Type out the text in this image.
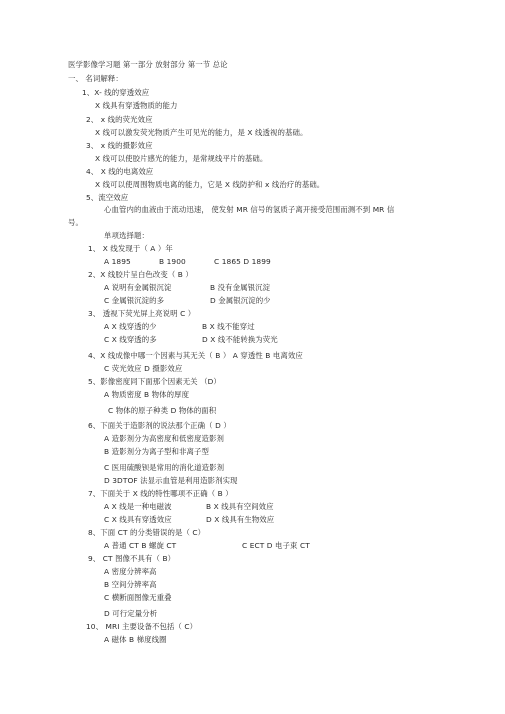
医学影像学习题 第一部分 放射部分 第一节 总论
一、 名词解释：
1、X- 线的穿透效应
X 线具有穿透物质的能力
2、 x 线的荧光效应
X 线可以激发荧光物质产生可见光的能力，是 X 线透视的基础。
3、 x 线的摄影效应
X 线可以使胶片感光的能力，是常规线平片的基础。
4、 X 线的电离效应
X 线可以使周围物质电离的能力，它是 X 线防护和 x 线治疗的基础。
5、流空效应
心血管内的血液由于流动迅速， 使发射 MR 信号的氢质子离开接受范围而测不到 MR 信
号。
单项选择题：
1、 X 线发现于（ A ）年
A 1895	B 1900	C 1865 D 1899
2、X 线胶片呈白色改变（ B ）
A 说明有金属银沉淀	B 没有金属银沉淀
C 金属银沉淀的多	D 金属银沉淀的少
3、 透视下荧光屏上亮说明 C ）
A X 线穿透的少	B X 线不能穿过
C X 线穿透的多	D X 线不能转换为荧光
4、X 线成像中哪一个因素与其无关（ B ） A 穿透性 B 电离效应
C 荧光效应 D 摄影效应
5、影像密度同下面那个因素无关 （D）
A 物质密度 B 物体的厚度
C 物体的原子种类 D 物体的面积
6、下面关于造影剂的说法那个正确（ D ）
A 造影剂分为高密度和低密度造影剂
B 造影剂分为离子型和非离子型
C 医用硫酸钡是常用的消化道造影剂
D 3DTOF 法显示血管是利用造影剂实现
7、下面关于 X 线的特性哪项不正确（ B ）
A X 线是一种电磁波	B X 线具有空间效应
C X 线具有穿透效应	D X 线具有生物效应
8、下面 CT 的分类错误的是（ C）
A 普通 CT B 螺旋 CT	C ECT D 电子束 CT
9、 CT 图像不具有（ B）
A 密度分辨率高
B 空间分辨率高
C 横断面图像无重叠
D 可行定量分析
10、 MRI 主要设备不包括（ C）
A 磁体 B 梯度线圈
